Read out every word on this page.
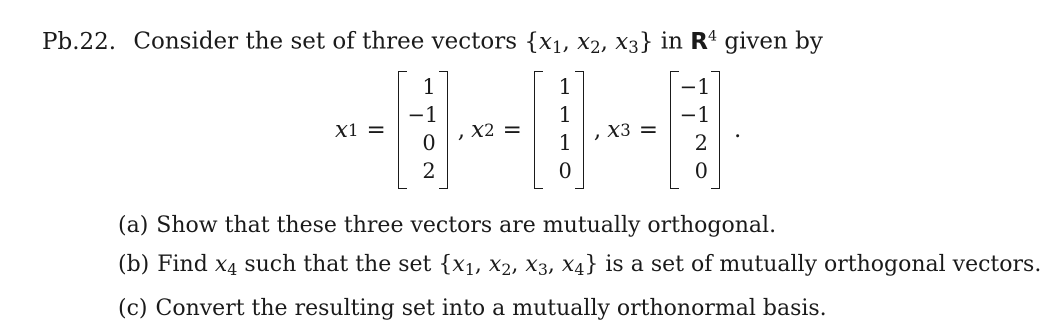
Pb.22. Consider the set of three vectors {$x_1$, $x_2$, $x_3$} in $R^4$ given by
x 1 =
1
−1
0
2
, x 2 =
1
1
1
0
, x 3 =
−1
−1
2
0
.
(a) Show that these three vectors are mutually orthogonal.
(b) Find $x_4$ such that the set {$x_1$, $x_2$, $x_3$, $x_4$} is a set of mutually orthogonal vectors.
(c) Convert the resulting set into a mutually orthonormal basis.
